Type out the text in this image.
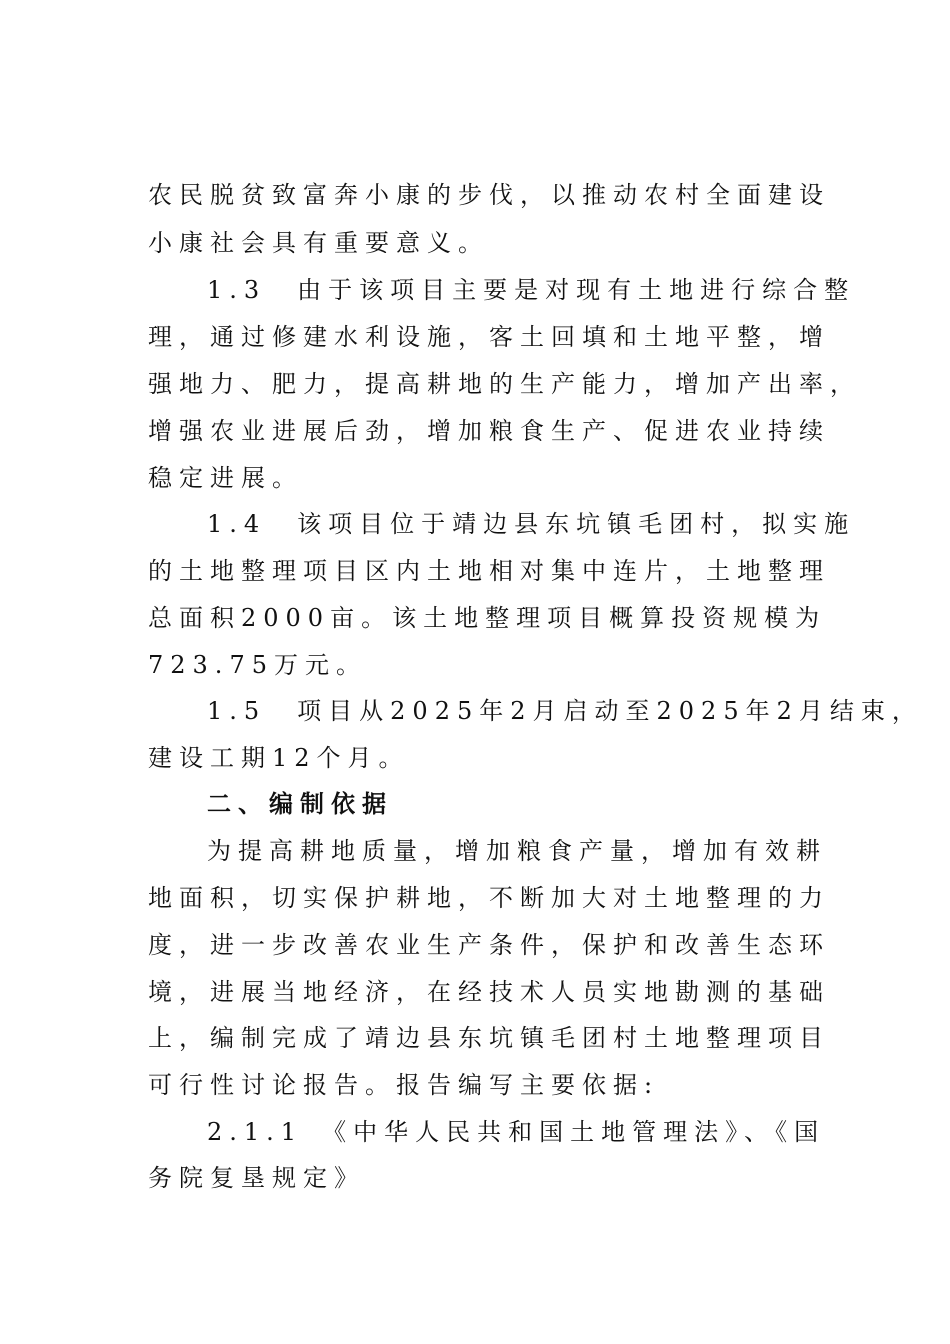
农民脱贫致富奔小康的步伐，以推动农村全面建设
小康社会具有重要意义。
1.3　由于该项目主要是对现有土地进行综合整
理，通过修建水利设施，客土回填和土地平整，增
强地力、肥力，提高耕地的生产能力，增加产出率，
增强农业进展后劲，增加粮食生产、促进农业持续
稳定进展。
1.4　该项目位于靖边县东坑镇毛团村，拟实施
的土地整理项目区内土地相对集中连片，土地整理
总面积2000亩。该土地整理项目概算投资规模为
723.75万元。
1.5　项目从2025年2月启动至2025年2月结束，
建设工期12个月。
二、编制依据
为提高耕地质量，增加粮食产量，增加有效耕
地面积，切实保护耕地，不断加大对土地整理的力
度，进一步改善农业生产条件，保护和改善生态环
境，进展当地经济，在经技术人员实地勘测的基础
上，编制完成了靖边县东坑镇毛团村土地整理项目
可行性讨论报告。报告编写主要依据:
2.1.1　《中华人民共和国土地管理法》、《国
务院复垦规定》
